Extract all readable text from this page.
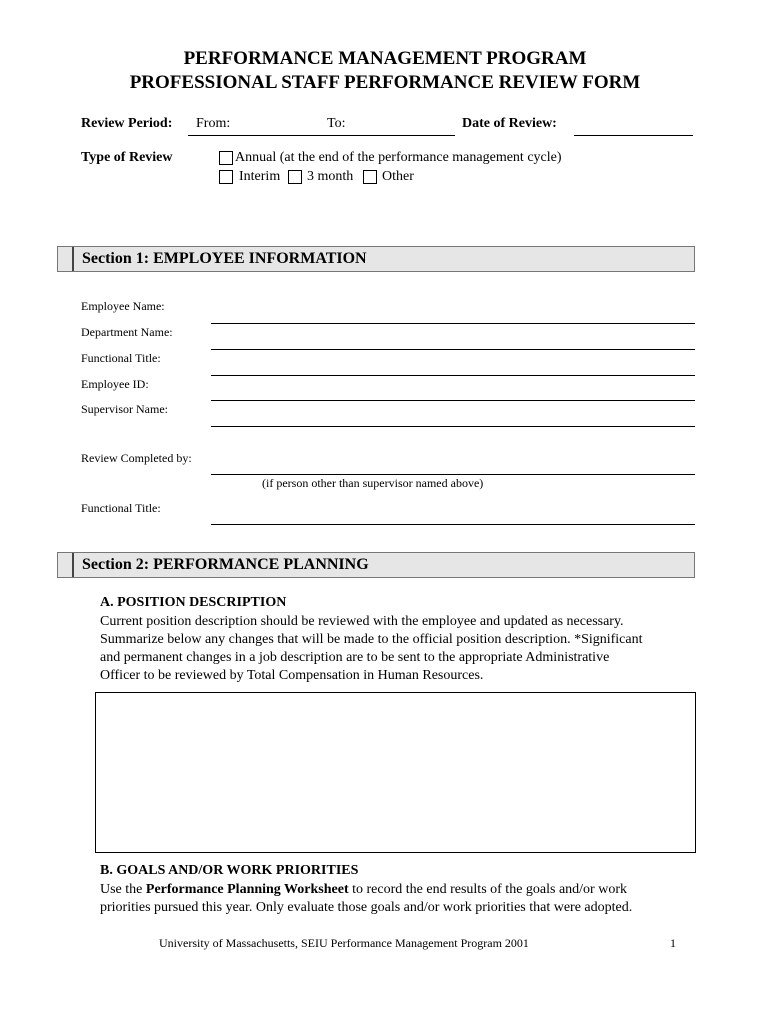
PERFORMANCE MANAGEMENT PROGRAM
PROFESSIONAL STAFF PERFORMANCE REVIEW FORM
Review Period: From:	To:	Date of Review:
Type of Review	Annual (at the end of the performance management cycle)
Interim 3 month Other
Section 1: EMPLOYEE INFORMATION
Employee Name:
Department Name:
Functional Title:
Employee ID:
Supervisor Name:
Review Completed by:
(if person other than supervisor named above)
Functional Title:
Section 2: PERFORMANCE PLANNING
A. POSITION DESCRIPTION
Current position description should be reviewed with the employee and updated as necessary.
Summarize below any changes that will be made to the official position description. *Significant
and permanent changes in a job description are to be sent to the appropriate Administrative
Officer to be reviewed by Total Compensation in Human Resources.
B. GOALS AND/OR WORK PRIORITIES
Use the Performance Planning Worksheet to record the end results of the goals and/or work
priorities pursued this year. Only evaluate those goals and/or work priorities that were adopted.
University of Massachusetts, SEIU Performance Management Program 2001	1
